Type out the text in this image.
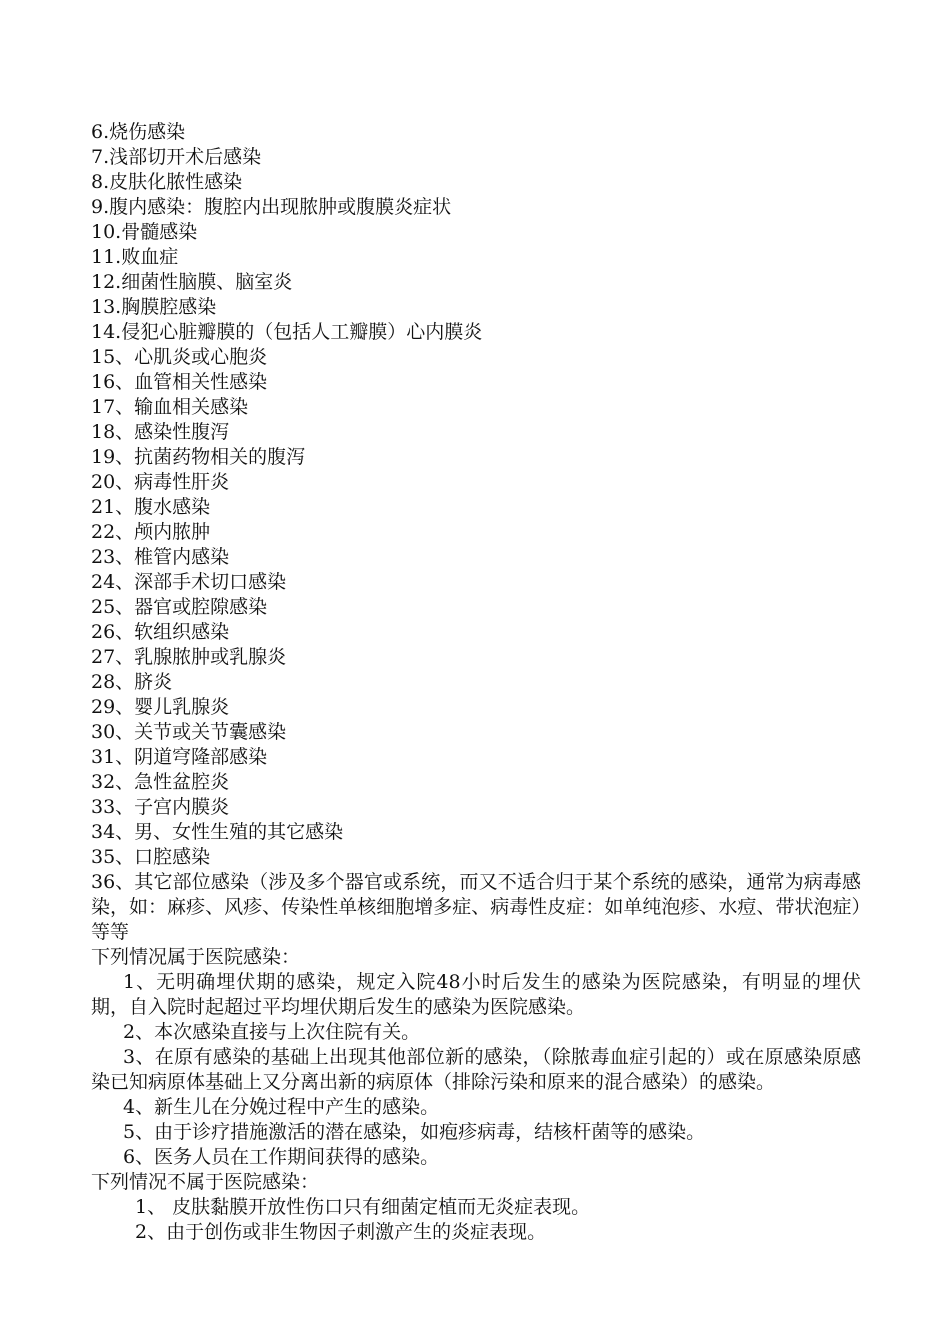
6.烧伤感染

7.浅部切开术后感染

8.皮肤化脓性感染

9.腹内感染：腹腔内出现脓肿或腹膜炎症状

10.骨髓感染

11.败血症

12.细菌性脑膜、脑室炎

13.胸膜腔感染

14.侵犯心脏瓣膜的（包括人工瓣膜）心内膜炎

15、心肌炎或心胞炎

16、血管相关性感染

17、输血相关感染

18、感染性腹泻

19、抗菌药物相关的腹泻

20、病毒性肝炎

21、腹水感染

22、颅内脓肿

23、椎管内感染

24、深部手术切口感染

25、器官或腔隙感染

26、软组织感染

27、乳腺脓肿或乳腺炎

28、脐炎

29、婴儿乳腺炎

30、关节或关节囊感染

31、阴道穹隆部感染

32、急性盆腔炎

33、子宫内膜炎

34、男、女性生殖的其它感染

35、口腔感染

36、其它部位感染（涉及多个器官或系统，而又不适合归于某个系统的感染，通常为病毒感染，如：麻疹、风疹、传染性单核细胞增多症、病毒性皮症：如单纯泡疹、水痘、带状泡症）等等

下列情况属于医院感染：

1、无明确埋伏期的感染，规定入院48小时后发生的感染为医院感染，有明显的埋伏期，自入院时起超过平均埋伏期后发生的感染为医院感染。

2、本次感染直接与上次住院有关。

3、在原有感染的基础上出现其他部位新的感染，（除脓毒血症引起的）或在原感染原感染已知病原体基础上又分离出新的病原体（排除污染和原来的混合感染）的感染。

4、新生儿在分娩过程中产生的感染。

5、由于诊疗措施激活的潜在感染，如疱疹病毒，结核杆菌等的感染。

6、医务人员在工作期间获得的感染。

下列情况不属于医院感染：

1、 皮肤黏膜开放性伤口只有细菌定植而无炎症表现。

2、由于创伤或非生物因子刺激产生的炎症表现。
